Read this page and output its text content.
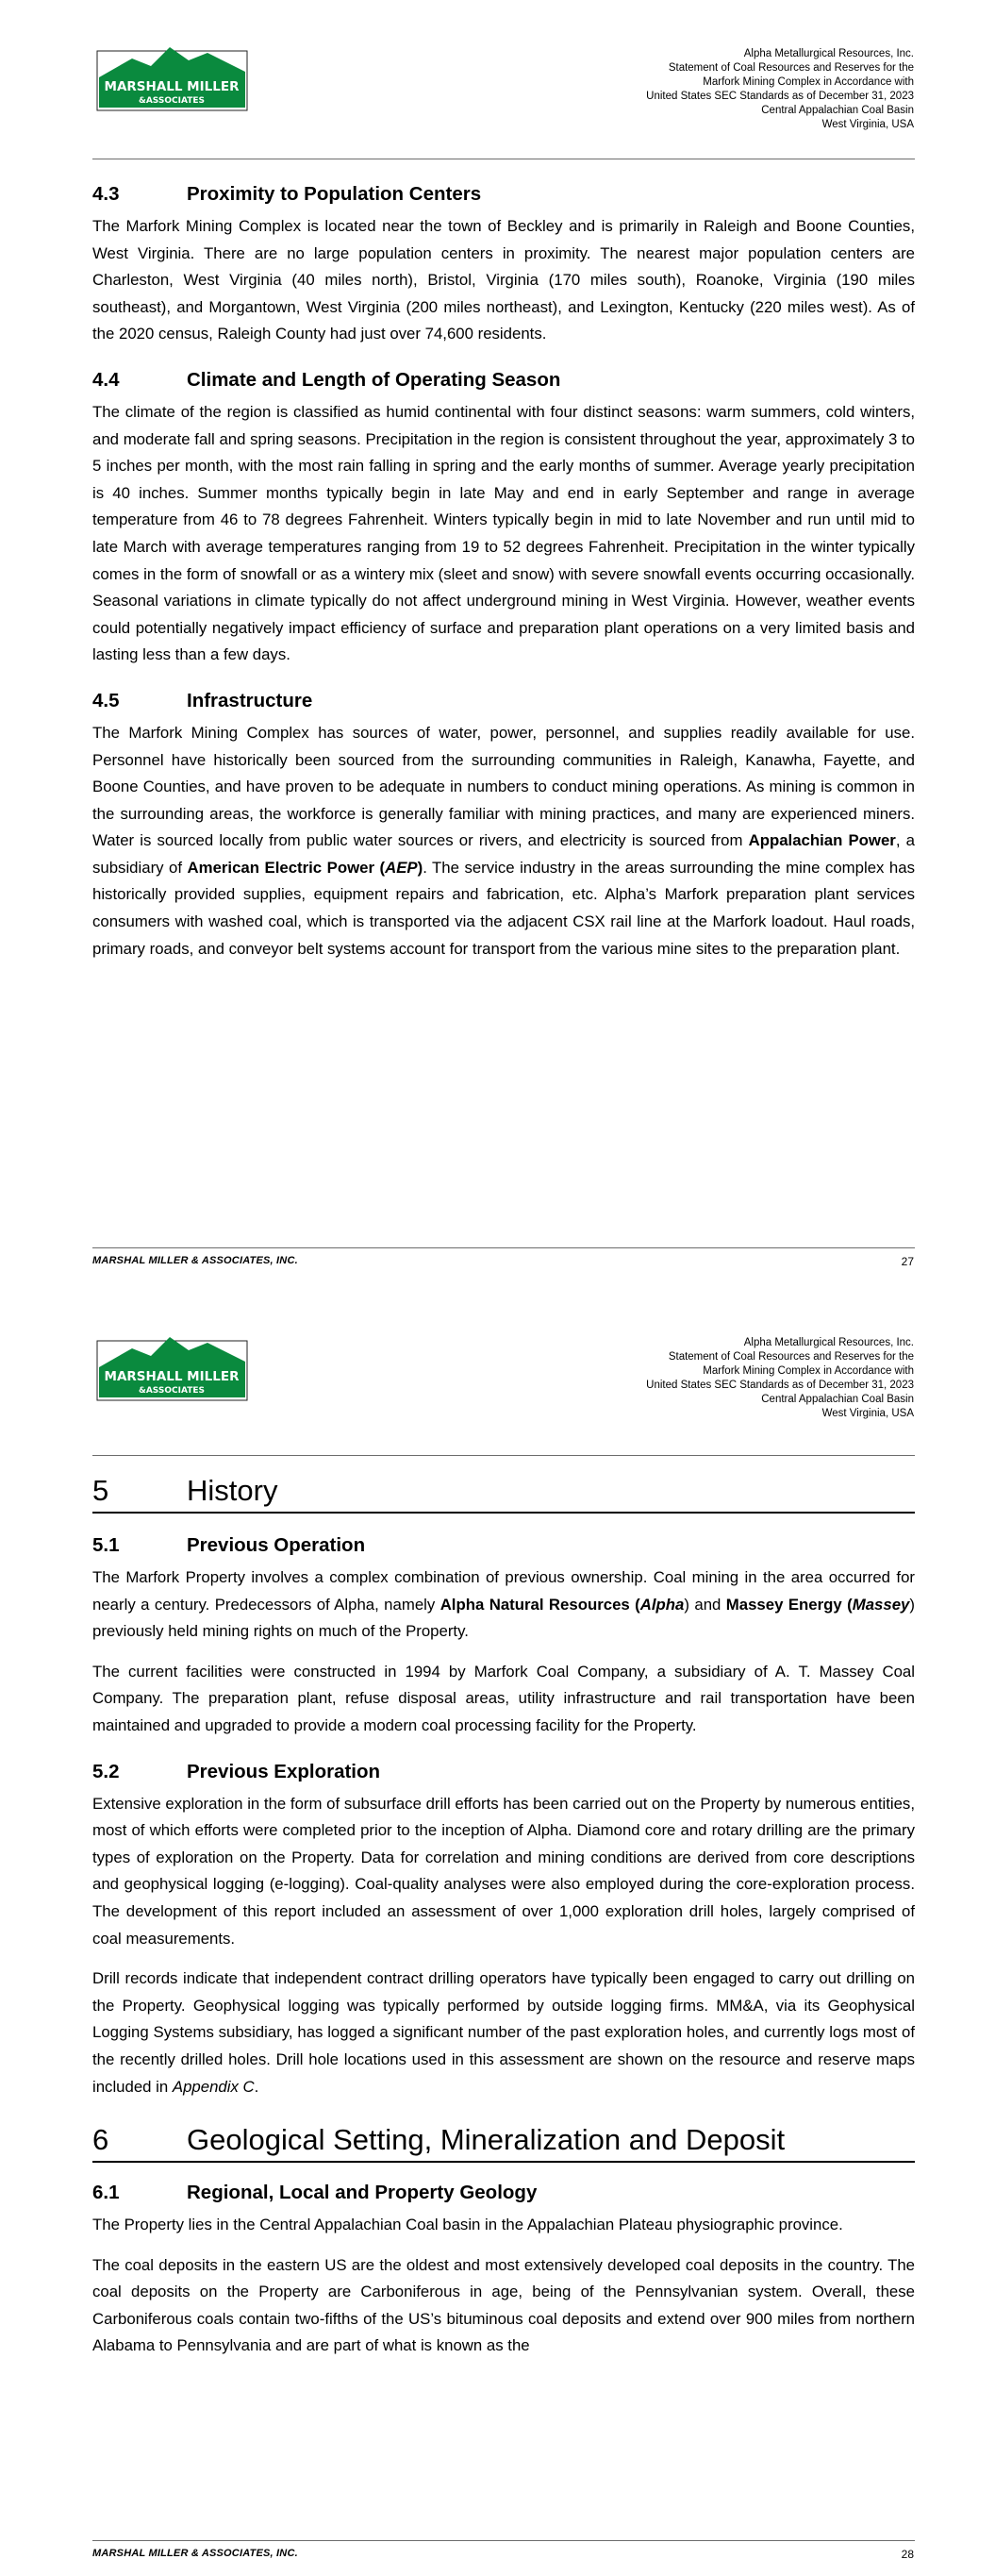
MARSHALL MILLER
&ASSOCIATES
Alpha Metallurgical Resources, Inc.
Statement of Coal Resources and Reserves for the
Marfork Mining Complex in Accordance with
United States SEC Standards as of December 31, 2023
Central Appalachian Coal Basin
West Virginia, USA
4.3	Proximity to Population Centers

The Marfork Mining Complex is located near the town of Beckley and is primarily in Raleigh and Boone Counties, West Virginia. There are no large population centers in proximity. The nearest major population centers are Charleston, West Virginia (40 miles north), Bristol, Virginia (170 miles south), Roanoke, Virginia (190 miles southeast), and Morgantown, West Virginia (200 miles northeast), and Lexington, Kentucky (220 miles west). As of the 2020 census, Raleigh County had just over 74,600 residents.

4.4	Climate and Length of Operating Season

The climate of the region is classified as humid continental with four distinct seasons: warm summers, cold winters, and moderate fall and spring seasons. Precipitation in the region is consistent throughout the year, approximately 3 to 5 inches per month, with the most rain falling in spring and the early months of summer. Average yearly precipitation is 40 inches. Summer months typically begin in late May and end in early September and range in average temperature from 46 to 78 degrees Fahrenheit. Winters typically begin in mid to late November and run until mid to late March with average temperatures ranging from 19 to 52 degrees Fahrenheit. Precipitation in the winter typically comes in the form of snowfall or as a wintery mix (sleet and snow) with severe snowfall events occurring occasionally. Seasonal variations in climate typically do not affect underground mining in West Virginia. However, weather events could potentially negatively impact efficiency of surface and preparation plant operations on a very limited basis and lasting less than a few days.

4.5	Infrastructure

The Marfork Mining Complex has sources of water, power, personnel, and supplies readily available for use. Personnel have historically been sourced from the surrounding communities in Raleigh, Kanawha, Fayette, and Boone Counties, and have proven to be adequate in numbers to conduct mining operations. As mining is common in the surrounding areas, the workforce is generally familiar with mining practices, and many are experienced miners. Water is sourced locally from public water sources or rivers, and electricity is sourced from Appalachian Power, a subsidiary of American Electric Power (AEP). The service industry in the areas surrounding the mine complex has historically provided supplies, equipment repairs and fabrication, etc. Alpha’s Marfork preparation plant services consumers with washed coal, which is transported via the adjacent CSX rail line at the Marfork loadout. Haul roads, primary roads, and conveyor belt systems account for transport from the various mine sites to the preparation plant.

MARSHAL MILLER & ASSOCIATES, INC.	27
MARSHALL MILLER
&ASSOCIATES
Alpha Metallurgical Resources, Inc.
Statement of Coal Resources and Reserves for the
Marfork Mining Complex in Accordance with
United States SEC Standards as of December 31, 2023
Central Appalachian Coal Basin
West Virginia, USA
5	History
5.1	Previous Operation

The Marfork Property involves a complex combination of previous ownership. Coal mining in the area occurred for nearly a century. Predecessors of Alpha, namely Alpha Natural Resources (Alpha) and Massey Energy (Massey) previously held mining rights on much of the Property.

The current facilities were constructed in 1994 by Marfork Coal Company, a subsidiary of A. T. Massey Coal Company. The preparation plant, refuse disposal areas, utility infrastructure and rail transportation have been maintained and upgraded to provide a modern coal processing facility for the Property.

5.2	Previous Exploration

Extensive exploration in the form of subsurface drill efforts has been carried out on the Property by numerous entities, most of which efforts were completed prior to the inception of Alpha. Diamond core and rotary drilling are the primary types of exploration on the Property. Data for correlation and mining conditions are derived from core descriptions and geophysical logging (e-logging). Coal-quality analyses were also employed during the core-exploration process. The development of this report included an assessment of over 1,000 exploration drill holes, largely comprised of coal measurements.

Drill records indicate that independent contract drilling operators have typically been engaged to carry out drilling on the Property. Geophysical logging was typically performed by outside logging firms. MM&A, via its Geophysical Logging Systems subsidiary, has logged a significant number of the past exploration holes, and currently logs most of the recently drilled holes. Drill hole locations used in this assessment are shown on the resource and reserve maps included in Appendix C.

6	Geological Setting, Mineralization and Deposit
6.1	Regional, Local and Property Geology

The Property lies in the Central Appalachian Coal basin in the Appalachian Plateau physiographic province.

The coal deposits in the eastern US are the oldest and most extensively developed coal deposits in the country. The coal deposits on the Property are Carboniferous in age, being of the Pennsylvanian system. Overall, these Carboniferous coals contain two-fifths of the US’s bituminous coal deposits and extend over 900 miles from northern Alabama to Pennsylvania and are part of what is known as the

MARSHAL MILLER & ASSOCIATES, INC.	28
